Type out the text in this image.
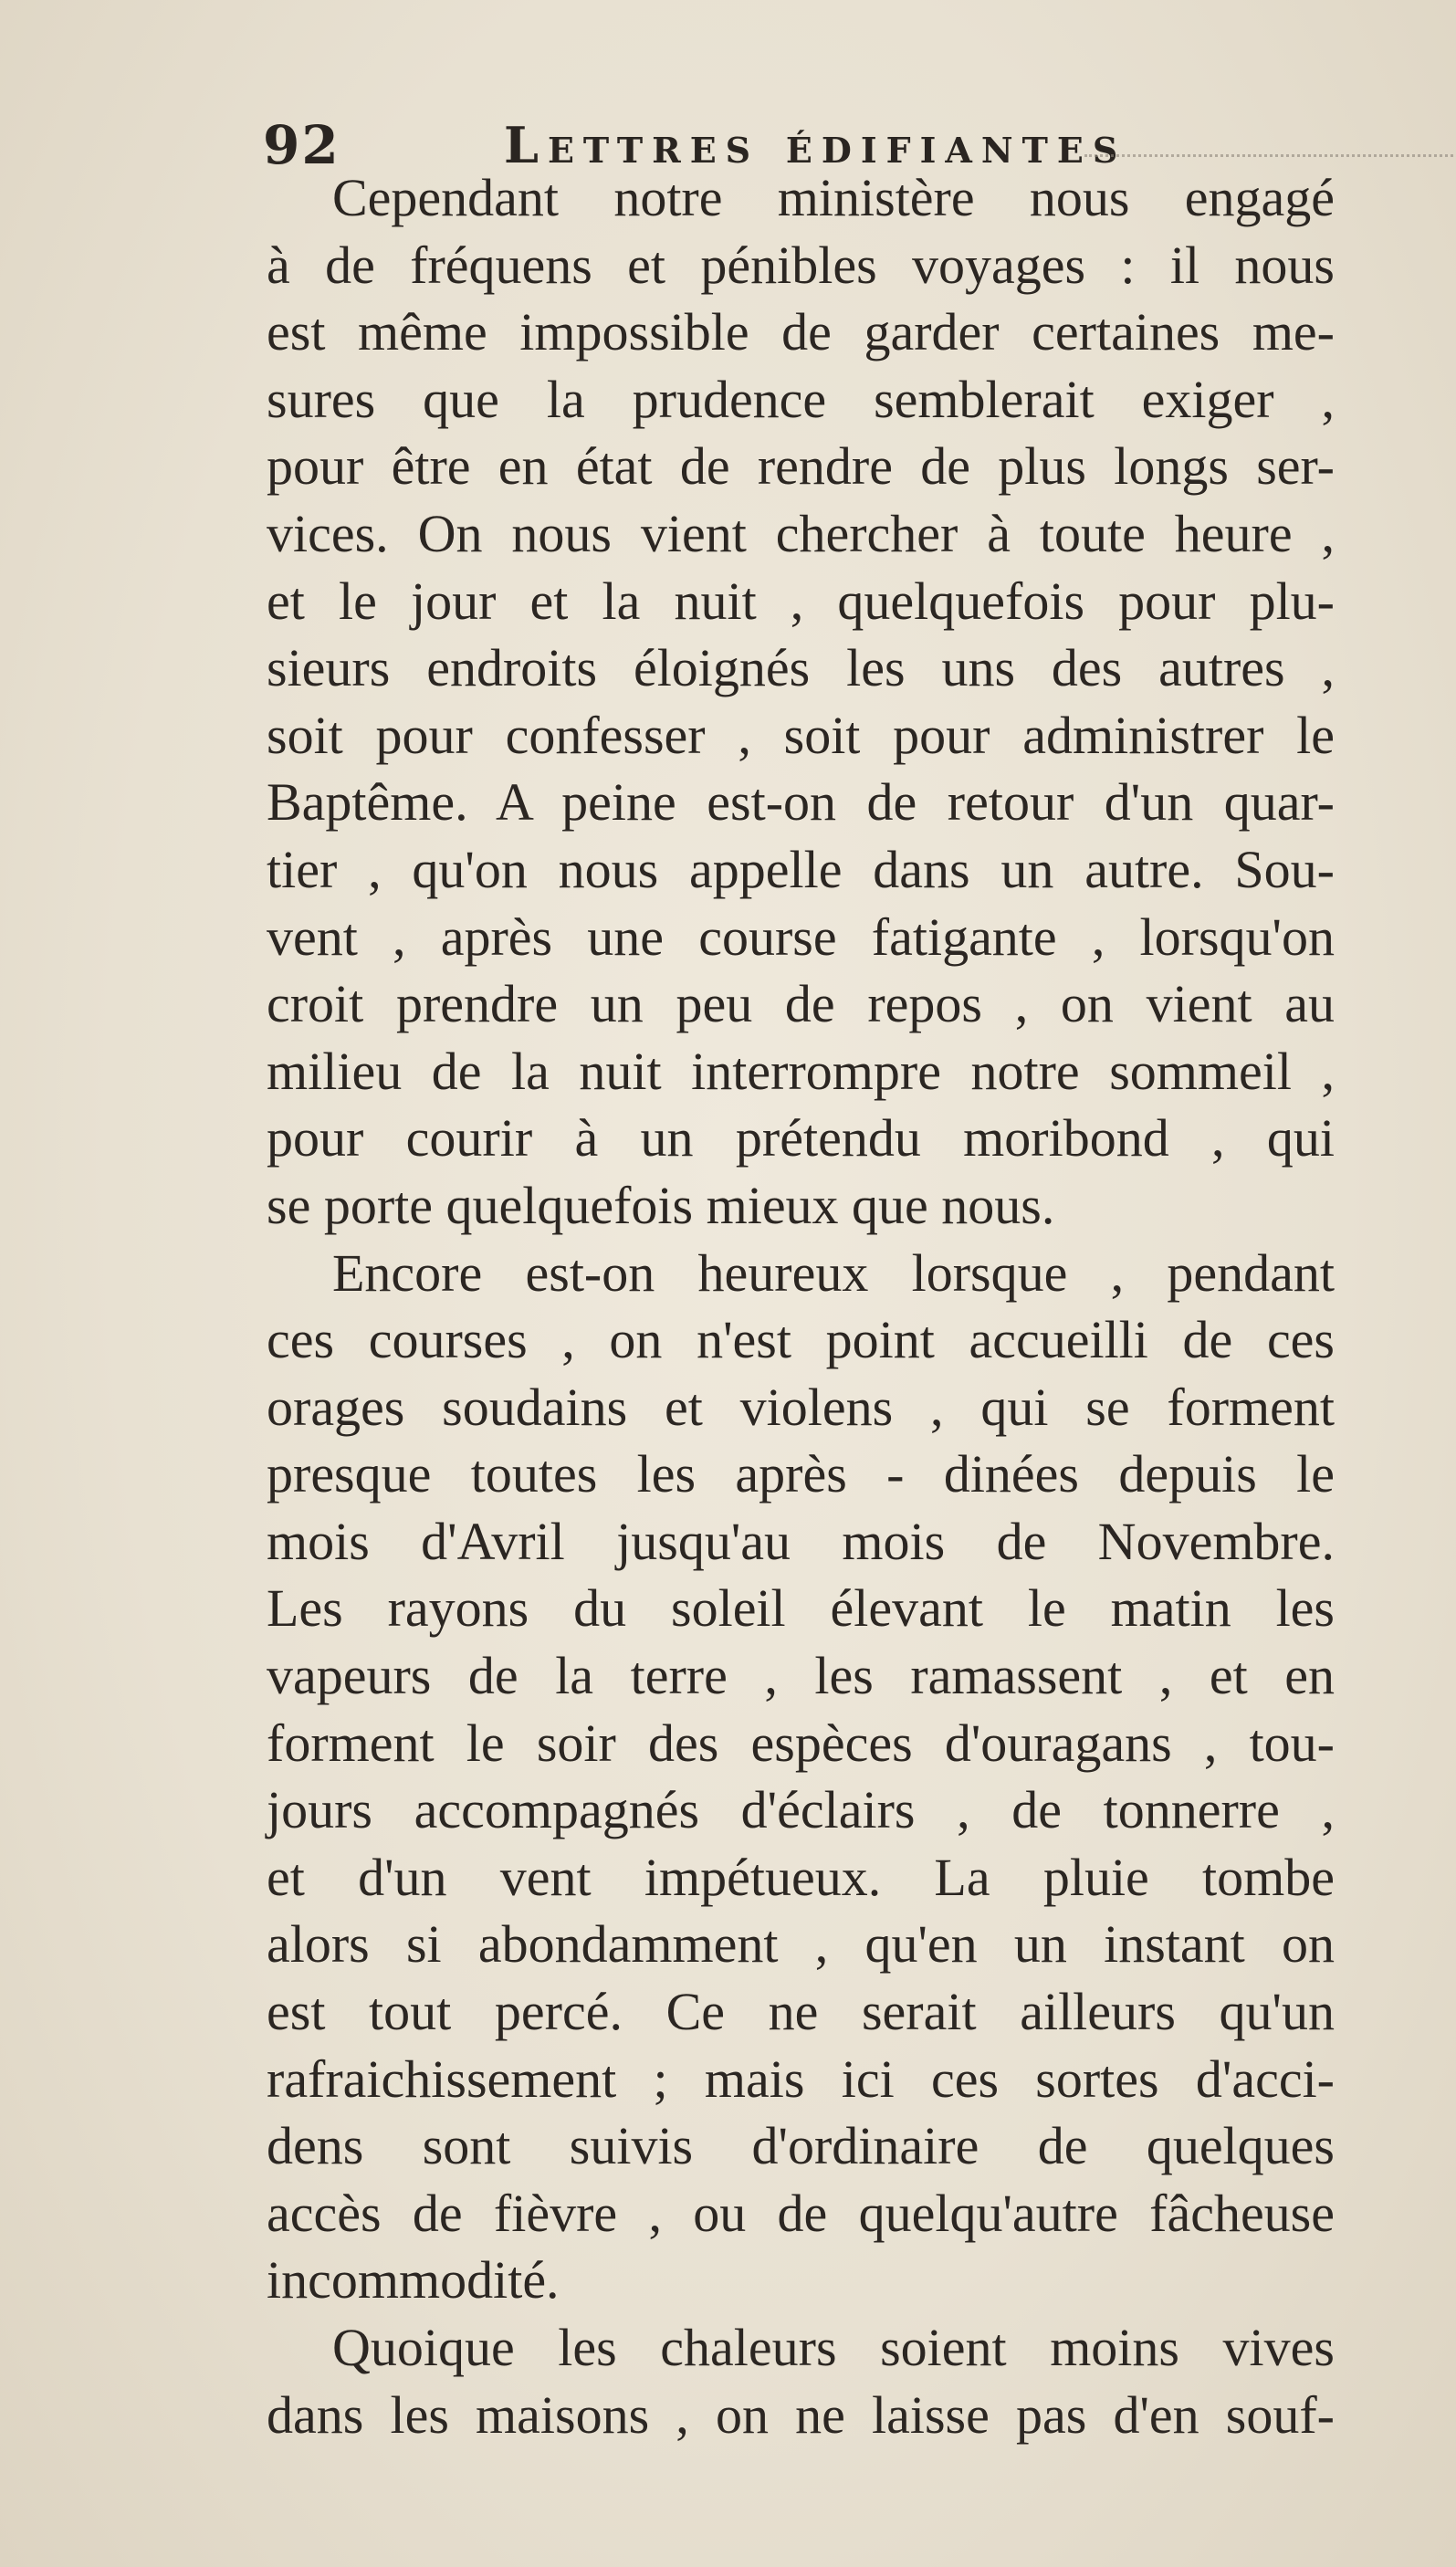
92	Lettres édifiantes
Cependant notre ministère nous engagé
à de fréquens et pénibles voyages : il nous
est même impossible de garder certaines me-
sures que la prudence semblerait exiger ,
pour être en état de rendre de plus longs ser-
vices. On nous vient chercher à toute heure ,
et le jour et la nuit , quelquefois pour plu-
sieurs endroits éloignés les uns des autres ,
soit pour confesser , soit pour administrer le
Baptême. A peine est-on de retour d'un quar-
tier , qu'on nous appelle dans un autre. Sou-
vent , après une course fatigante , lorsqu'on
croit prendre un peu de repos , on vient au
milieu de la nuit interrompre notre sommeil ,
pour courir à un prétendu moribond , qui
se porte quelquefois mieux que nous.
Encore est-on heureux lorsque , pendant
ces courses , on n'est point accueilli de ces
orages soudains et violens , qui se forment
presque toutes les après - dinées depuis le
mois d'Avril jusqu'au mois de Novembre.
Les rayons du soleil élevant le matin les
vapeurs de la terre , les ramassent , et en
forment le soir des espèces d'ouragans , tou-
jours accompagnés d'éclairs , de tonnerre ,
et d'un vent impétueux. La pluie tombe
alors si abondamment , qu'en un instant on
est tout percé. Ce ne serait ailleurs qu'un
rafraichissement ; mais ici ces sortes d'acci-
dens sont suivis d'ordinaire de quelques
accès de fièvre , ou de quelqu'autre fâcheuse
incommodité.
Quoique les chaleurs soient moins vives
dans les maisons , on ne laisse pas d'en souf-
